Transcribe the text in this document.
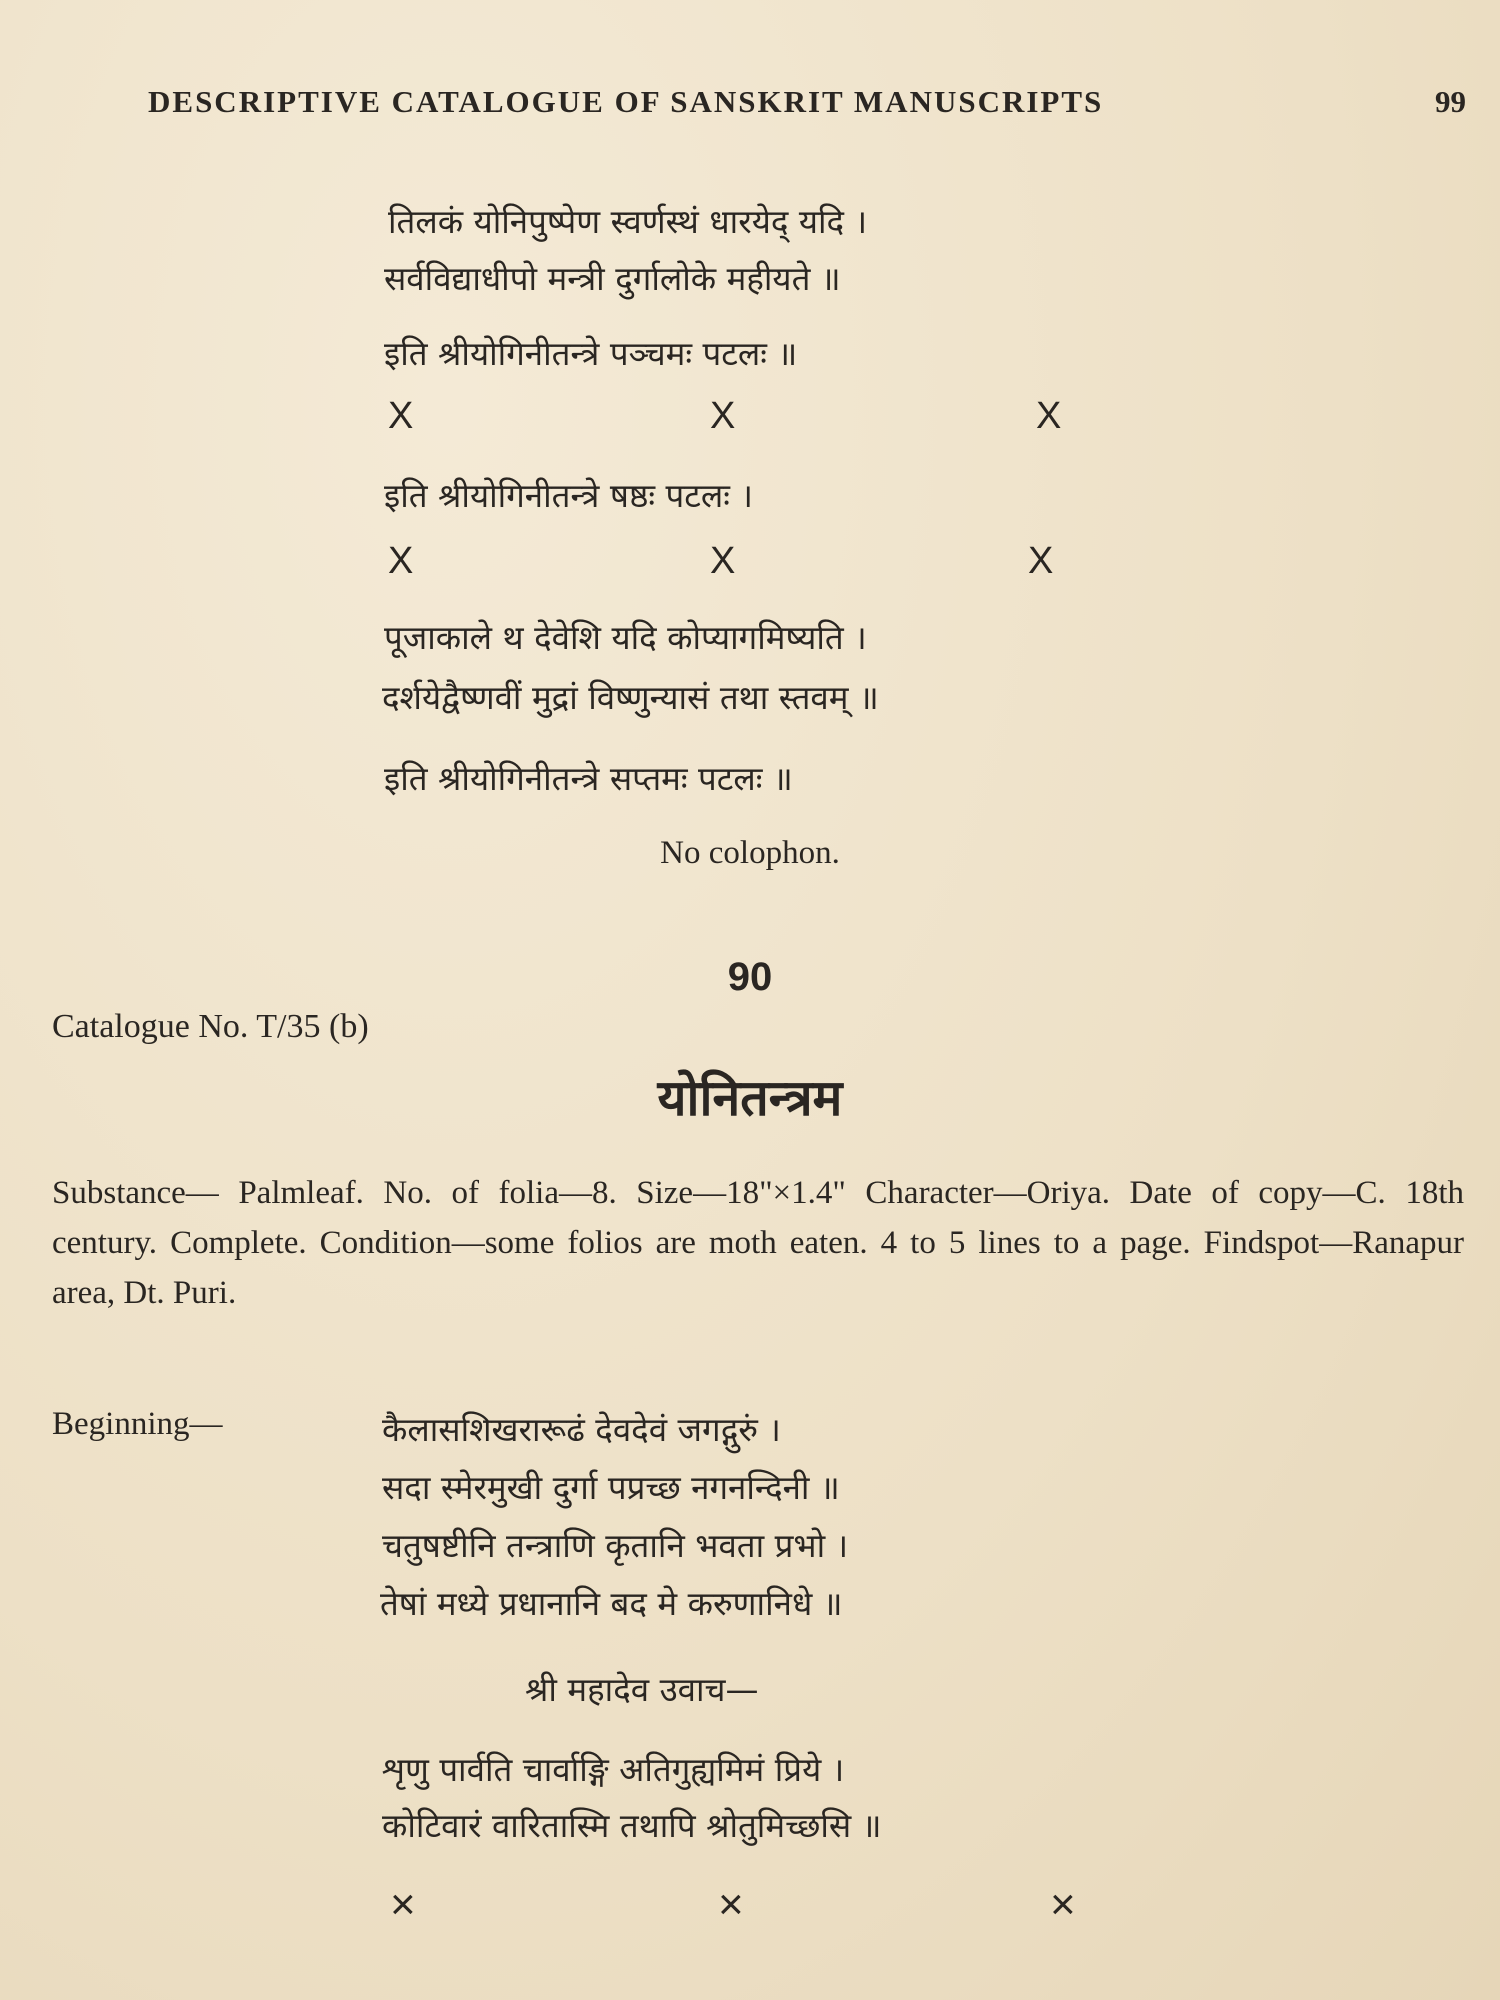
DESCRIPTIVE CATALOGUE OF SANSKRIT MANUSCRIPTS	99
तिलकं योनिपुष्पेण स्वर्णस्थं धारयेद् यदि ।
सर्वविद्याधीपो मन्त्री दुर्गालोके महीयते ॥
इति श्रीयोगिनीतन्त्रे पञ्चमः पटलः ॥
X	X	X
इति श्रीयोगिनीतन्त्रे षष्ठः पटलः ।
X	X	X
पूजाकाले थ देवेशि यदि कोप्यागमिष्यति ।
दर्शयेद्वैष्णवीं मुद्रां विष्णुन्यासं तथा स्तवम् ॥
इति श्रीयोगिनीतन्त्रे सप्तमः पटलः ॥
No colophon.
90
Catalogue No. T/35 (b)
योनितन्त्रम
Substance— Palmleaf. No. of folia—8. Size—18"×1.4" Character—Oriya. Date of copy—C. 18th century. Complete. Condition—some folios are moth eaten. 4 to 5 lines to a page. Findspot—Ranapur area, Dt. Puri.
Beginning—	कैलासशिखरारूढं देवदेवं जगद्गुरुं ।
सदा स्मेरमुखी दुर्गा पप्रच्छ नगनन्दिनी ॥
चतुषष्टीनि तन्त्राणि कृतानि भवता प्रभो ।
तेषां मध्ये प्रधानानि बद मे करुणानिधे ॥
श्री महादेव उवाच—
शृणु पार्वति चार्वाङ्गि अतिगुह्यमिमं प्रिये ।
कोटिवारं वारितास्मि तथापि श्रोतुमिच्छसि ॥
×	×	×
